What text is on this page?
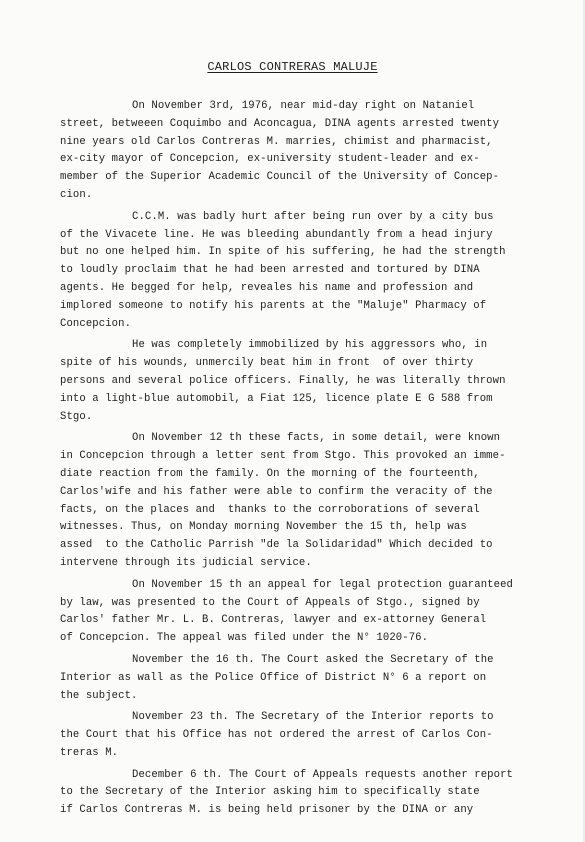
CARLOS CONTRERAS MALUJE
On November 3rd, 1976, near mid-day right on Nataniel
street, betweeen Coquimbo and Aconcagua, DINA agents arrested twenty
nine years old Carlos Contreras M. marries, chimist and pharmacist,
ex-city mayor of Concepcion, ex-university student-leader and ex-
member of the Superior Academic Council of the University of Concep-
cion.
C.C.M. was badly hurt after being run over by a city bus
of the Vivacete line. He was bleeding abundantly from a head injury
but no one helped him. In spite of his suffering, he had the strength
to loudly proclaim that he had been arrested and tortured by DINA
agents. He begged for help, reveales his name and profession and
implored someone to notify his parents at the "Maluje" Pharmacy of
Concepcion.
He was completely immobilized by his aggressors who, in
spite of his wounds, unmercily beat him in front  of over thirty
persons and several police officers. Finally, he was literally thrown
into a light-blue automobil, a Fiat 125, licence plate E G 588 from
Stgo.
On November 12 th these facts, in some detail, were known
in Concepcion through a letter sent from Stgo. This provoked an imme-
diate reaction from the family. On the morning of the fourteenth,
Carlos'wife and his father were able to confirm the veracity of the
facts, on the places and  thanks to the corroborations of several
witnesses. Thus, on Monday morning November the 15 th, help was
assed  to the Catholic Parrish "de la Solidaridad" Which decided to
intervene through its judicial service.
On November 15 th an appeal for legal protection guaranteed
by law, was presented to the Court of Appeals of Stgo., signed by
Carlos' father Mr. L. B. Contreras, lawyer and ex-attorney General
of Concepcion. The appeal was filed under the N° 1020-76.
November the 16 th. The Court asked the Secretary of the
Interior as wall as the Police Office of District N° 6 a report on
the subject.
November 23 th. The Secretary of the Interior reports to
the Court that his Office has not ordered the arrest of Carlos Con-
treras M.
December 6 th. The Court of Appeals requests another report
to the Secretary of the Interior asking him to specifically state
if Carlos Contreras M. is being held prisoner by the DINA or any
